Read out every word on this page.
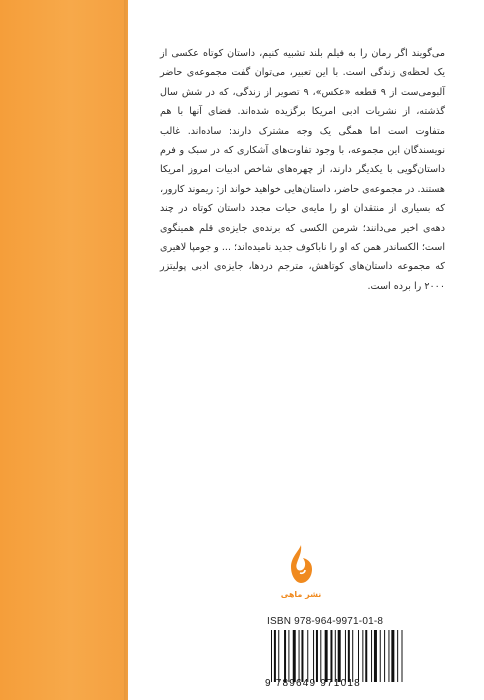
می‌گویند اگر رمان را به فیلم بلند تشبیه کنیم، داستان کوتاه عکسی از یک لحظه‌ی زندگی است. با این تعبیر، می‌توان گفت مجموعه‌ی حاضر آلبومی‌ست از ۹ قطعه «عکس»، ۹ تصویر از زندگی، که در شش سال گذشته، از نشریات ادبی امریکا برگزیده شده‌اند. فضای آنها با هم متفاوت است اما همگی یک وجه مشترک دارند: ساده‌اند. غالب نویسندگان این مجموعه، با وجود تفاوت‌های آشکاری که در سبک و فرم داستان‌گویی با یکدیگر دارند، از چهره‌های شاخص ادبیات امروز امریکا هستند. در مجموعه‌ی حاضر، داستان‌هایی خواهید خواند از: ریموند کارور، که بسیاری از منتقدان او را مایه‌ی حیات مجدد داستان کوتاه در چند دهه‌ی اخیر می‌دانند؛ شرمن الکسی که برنده‌ی جایزه‌ی قلم همینگوی است؛ الکساندر همن که او را ناباکوف جدید نامیده‌اند؛ ... و جومپا لاهیری که مجموعه داستان‌های کوتاهش، مترجم دردها، جایزه‌ی ادبی پولیتزر ۲۰۰۰ را برده است.

نشر ماهی
ISBN 978-964-9971-01-8
9 789649 971018
